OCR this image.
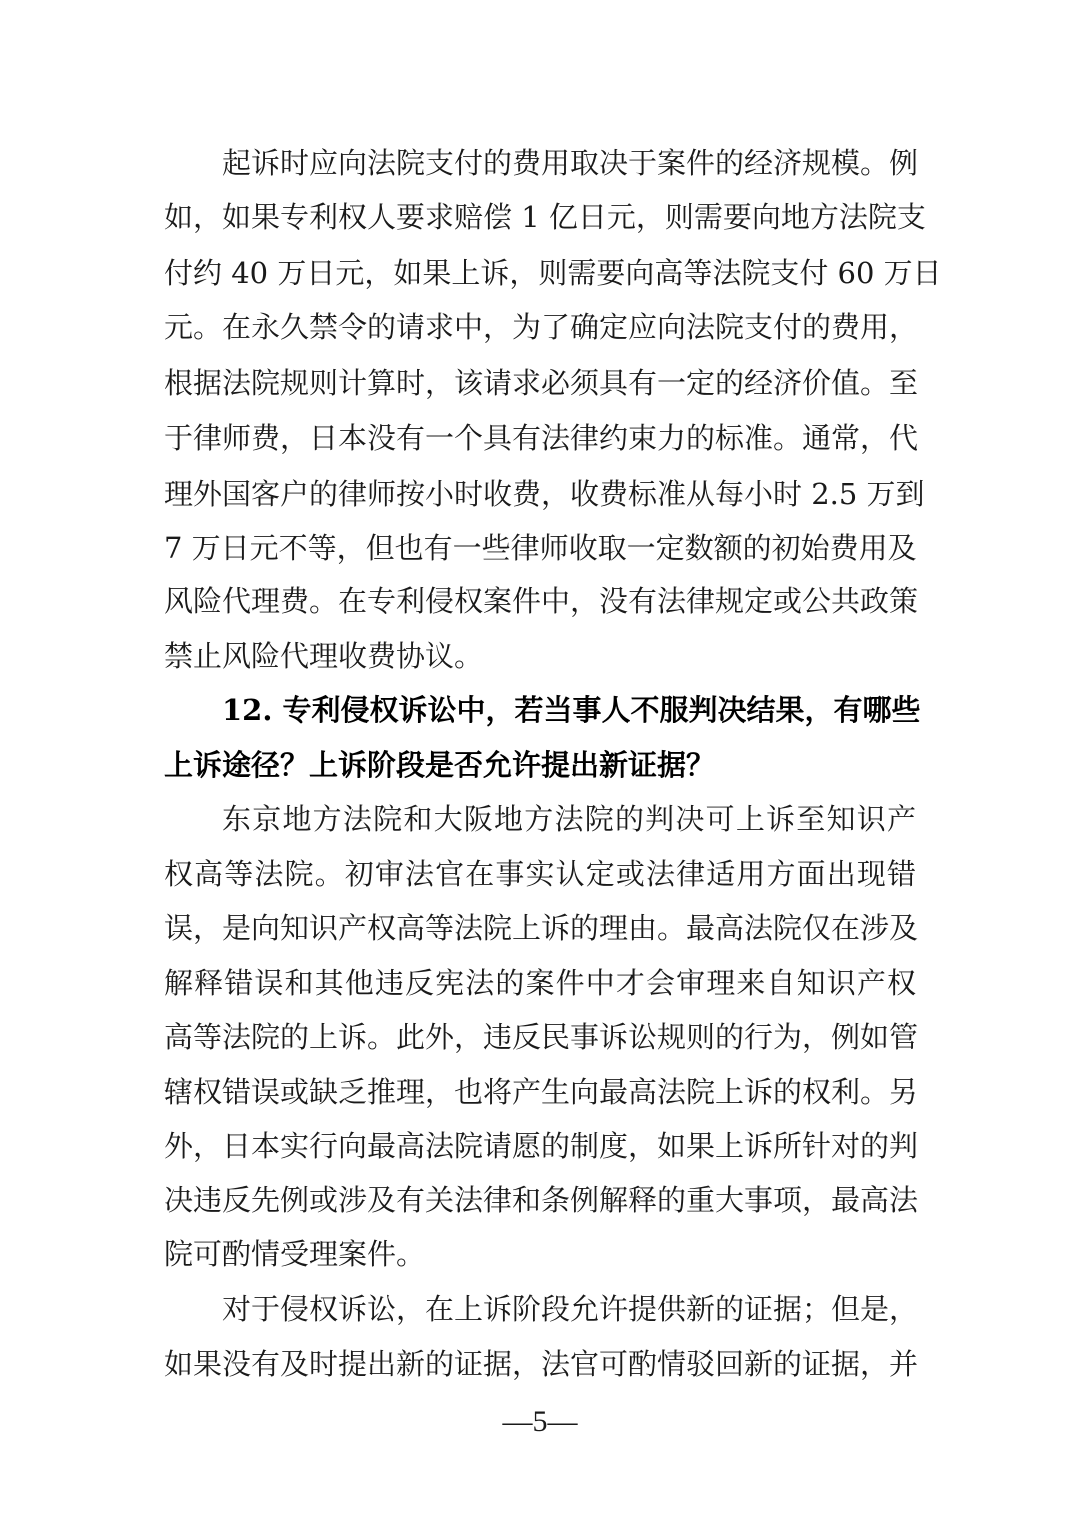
起诉时应向法院支付的费用取决于案件的经济规模。例
如，如果专利权人要求赔偿 1 亿日元，则需要向地方法院支
付约 40 万日元，如果上诉，则需要向高等法院支付 60 万日
元。在永久禁令的请求中，为了确定应向法院支付的费用，
根据法院规则计算时，该请求必须具有一定的经济价值。至
于律师费，日本没有一个具有法律约束力的标准。通常，代
理外国客户的律师按小时收费，收费标准从每小时 2.5 万到
7 万日元不等，但也有一些律师收取一定数额的初始费用及
风险代理费。在专利侵权案件中，没有法律规定或公共政策
禁止风险代理收费协议。
12. 专利侵权诉讼中，若当事人不服判决结果，有哪些
上诉途径？上诉阶段是否允许提出新证据？
东京地方法院和大阪地方法院的判决可上诉至知识产
权高等法院。初审法官在事实认定或法律适用方面出现错
误，是向知识产权高等法院上诉的理由。最高法院仅在涉及
解释错误和其他违反宪法的案件中才会审理来自知识产权
高等法院的上诉。此外，违反民事诉讼规则的行为，例如管
辖权错误或缺乏推理，也将产生向最高法院上诉的权利。另
外，日本实行向最高法院请愿的制度，如果上诉所针对的判
决违反先例或涉及有关法律和条例解释的重大事项，最高法
院可酌情受理案件。
对于侵权诉讼，在上诉阶段允许提供新的证据；但是，
如果没有及时提出新的证据，法官可酌情驳回新的证据，并
—5—
